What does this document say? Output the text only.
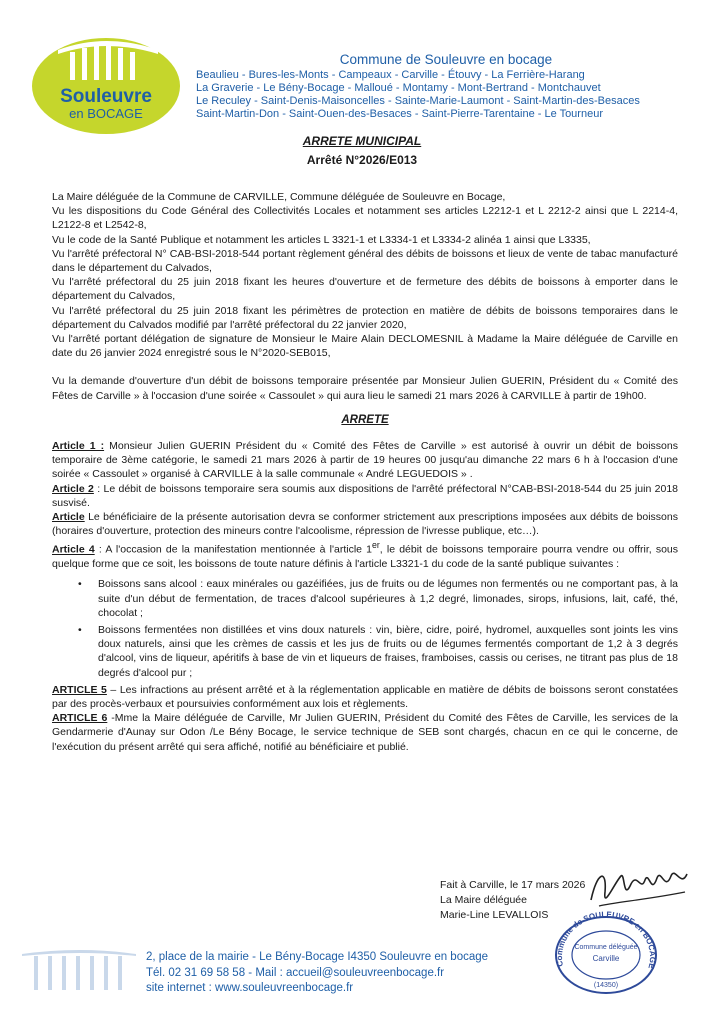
Souleuvre
en BOCAGE
Commune de Souleuvre en bocage
Beaulieu - Bures-les-Monts - Campeaux - Carville - Étouvy - La Ferrière-Harang
La Graverie - Le Bény-Bocage - Malloué - Montamy - Mont-Bertrand - Montchauvet
Le Reculey - Saint-Denis-Maisoncelles - Sainte-Marie-Laumont - Saint-Martin-des-Besaces
Saint-Martin-Don - Saint-Ouen-des-Besaces - Saint-Pierre-Tarentaine - Le Tourneur
ARRETE MUNICIPAL
Arrêté N°2026/E013

La Maire déléguée de la Commune de CARVILLE, Commune déléguée de Souleuvre en Bocage,

Vu les dispositions du Code Général des Collectivités Locales et notamment ses articles L2212-1 et L 2212-2 ainsi que L 2214-4, L2122-8 et L2542-8,

Vu le code de la Santé Publique et notamment les articles L 3321-1 et L3334-1 et L3334-2 alinéa 1 ainsi que L3335,

Vu l'arrêté préfectoral N° CAB-BSI-2018-544 portant règlement général des débits de boissons et lieux de vente de tabac manufacturé dans le département du Calvados,

Vu l'arrêté préfectoral du 25 juin 2018 fixant les heures d'ouverture et de fermeture des débits de boissons à emporter dans le département du Calvados,

Vu l'arrêté préfectoral du 25 juin 2018 fixant les périmètres de protection en matière de débits de boissons temporaires dans le département du Calvados modifié par l'arrêté préfectoral du 22 janvier 2020,

Vu l'arrêté portant délégation de signature de Monsieur le Maire Alain DECLOMESNIL à Madame la Maire déléguée de Carville en date du 26 janvier 2024 enregistré sous le N°2020-SEB015,

Vu la demande d'ouverture d'un débit de boissons temporaire présentée par Monsieur Julien GUERIN, Président du « Comité des Fêtes de Carville » à l'occasion d'une soirée « Cassoulet » qui aura lieu le samedi 21 mars 2026 à CARVILLE à partir de 19h00.

ARRETE

Article 1 : Monsieur Julien GUERIN Président du « Comité des Fêtes de Carville » est autorisé à ouvrir un débit de boissons temporaire de 3ème catégorie, le samedi 21 mars 2026 à partir de 19 heures 00 jusqu'au dimanche 22 mars 6 h à l'occasion d'une soirée « Cassoulet » organisé à CARVILLE à la salle communale « André LEGUEDOIS » .

Article 2 : Le débit de boissons temporaire sera soumis aux dispositions de l'arrêté préfectoral N°CAB-BSI-2018-544 du 25 juin 2018 susvisé.

Article Le bénéficiaire de la présente autorisation devra se conformer strictement aux prescriptions imposées aux débits de boissons (horaires d'ouverture, protection des mineurs contre l'alcoolisme, répression de l'ivresse publique, etc…).

Article 4 : A l'occasion de la manifestation mentionnée à l'article 1er, le débit de boissons temporaire pourra vendre ou offrir, sous quelque forme que ce soit, les boissons de toute nature définis à l'article L3321-1 du code de la santé publique suivantes :

• Boissons sans alcool : eaux minérales ou gazéifiées, jus de fruits ou de légumes non fermentés ou ne comportant pas, à la suite d'un début de fermentation, de traces d'alcool supérieures à 1,2 degré, limonades, sirops, infusions, lait, café, thé, chocolat ;
• Boissons fermentées non distillées et vins doux naturels : vin, bière, cidre, poiré, hydromel, auxquelles sont joints les vins doux naturels, ainsi que les crèmes de cassis et les jus de fruits ou de légumes fermentés comportant de 1,2 à 3 degrés d'alcool, vins de liqueur, apéritifs à base de vin et liqueurs de fraises, framboises, cassis ou cerises, ne titrant pas plus de 18 degrés d'alcool pur ;

ARTICLE 5 – Les infractions au présent arrêté et à la réglementation applicable en matière de débits de boissons seront constatées par des procès-verbaux et poursuivies conformément aux lois et règlements.

ARTICLE 6 -Mme la Maire déléguée de Carville, Mr Julien GUERIN, Président du Comité des Fêtes de Carville, les services de la Gendarmerie d'Aunay sur Odon /Le Bény Bocage, le service technique de SEB sont chargés, chacun en ce qui le concerne, de l'exécution du présent arrêté qui sera affiché, notifié au bénéficiaire et publié.

Fait à Carville, le 17 mars 2026
La Maire déléguée
Marie-Line LEVALLOIS
Commune de SOULEUVRE en BOCAGE
Commune déléguée
Carville
(14350)
2, place de la mairie - Le Bény-Bocage I4350 Souleuvre en bocage
Tél. 02 31 69 58 58 - Mail : accueil@souleuvreenbocage.fr
site internet : www.souleuvreenbocage.fr
